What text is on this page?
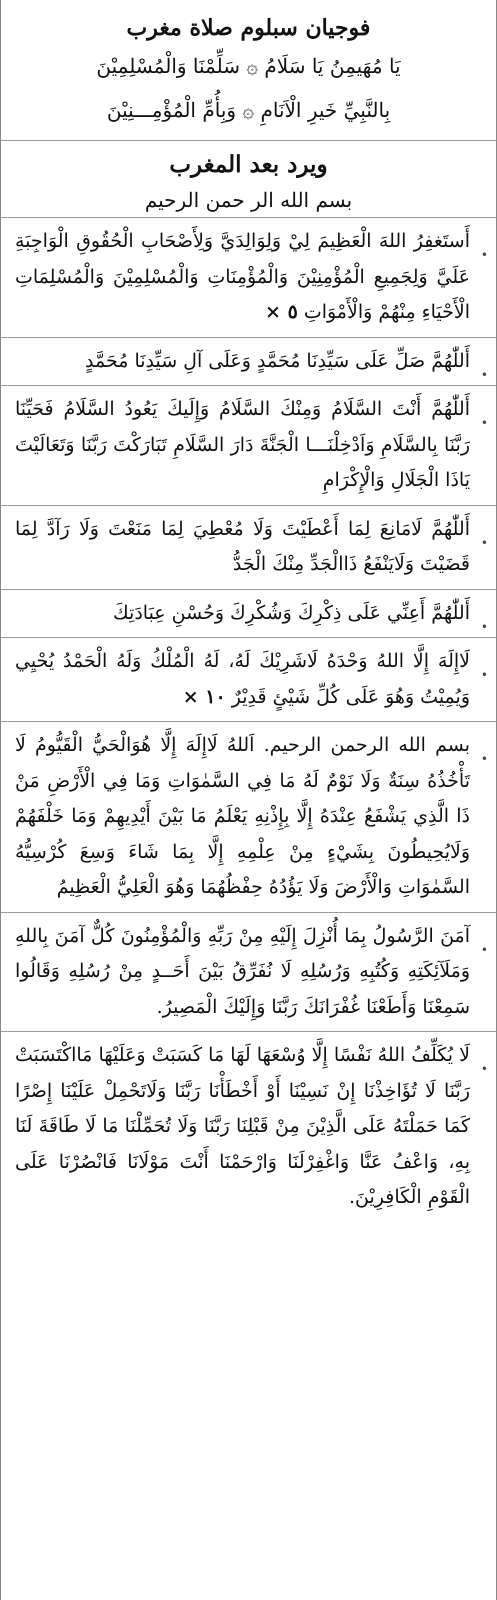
فوجيان سبلوم صلاة مغرب
يَا مُهَيمِنُ يَا سَلَامُ ۞ سَلِّمْنَا وَالْمُسْلِمِيْنَ
بِالنَّبِيِّ خَيرِ الْاَنَامِ ۞ وَبِأُمِّ الْمُؤْمِـــنِيْنَ
ويرد بعد المغرب
بسم الله الر حمن الرحيم
•
أَستَغفِرُ اللهَ الْعَظِيمَ لِيْ وَلِوَالِدَيَّ وَلِأَصْحَابِ الْحُقُوقِ الْوَاجِبَةِ عَلَيَّ وَلِجَمِيعِ الْمُؤْمِنِيْنَ وَالْمُؤْمِنَاتِ وَالْمُسْلِمِيْنَ وَالْمُسْلِمَاتِ الْأَحْيَاءِ مِنْهُمْ وَالْأَمْوَاتِ ٥ ×
•
أَللّٰهُمَّ صَلِّ عَلَى سَيِّدِنَا مُحَمَّدٍ وَعَلَى آلِ سَيِّدِنَا مُحَمَّدٍ
•
أَللّٰهُمَّ أَنْتَ السَّلَامُ وَمِنْكَ السَّلَامُ وَإِلَيكَ يَعُودُ السَّلَامُ فَحَيِّنَا رَبَّنَا بِالسَّلَامِ وَاَدْخِلْنَـــا الْجَنَّةَ دَارَ السَّلَامِ تَبَارَكْتَ رَبَّنَا وَتَعَالَيْتَ يَاذَا الْجَلَالِ وَالْإِكْرَامِ
•
أَللّٰهُمَّ لَامَانِعَ لِمَا أَعْطَيْتَ وَلَا مُعْطِيَ لِمَا مَنَعْتَ وَلَا رَآدَّ لِمَا قَضَيْتَ وَلَايَنْفَعُ ذَاالْجَدِّ مِنْكَ الْجَدُّ
•
أَللّٰهُمَّ أَعِنِّي عَلَى ذِكْرِكَ وَشُكْرِكَ وَحُسْنِ عِبَادَتِكَ
•
لَاإِلَهَ إِلَّا اللهُ وَحْدَهُ لَاشَرِيْكَ لَهُ، لَهُ الْمُلْكُ وَلَهُ الْحَمْدُ يُحْيِي وَيُمِيْتُ وَهُوَ عَلَى كُلِّ شَيْئٍ قَدِيْرٌ ١٠ ×
•
بسم الله الرحمن الرحيم. اَللهُ لَاإِلَهَ إِلَّا هُوَالْحَيُّ الْقَيُّومُ لَا تَأْخُذُهُ سِنَةٌ وَلَا نَوْمٌ لَهُ مَا فِي السَّمٰوَاتِ وَمَا فِي الْأَرْضِ مَنْ ذَا الَّذِي يَشْفَعُ عِنْدَهُ إِلَّا بِإِذْنِهِ يَعْلَمُ مَا بَيْنَ أَيْدِيهِمْ وَمَا خَلْفَهُمْ وَلَايُحِيطُونَ بِشَيْءٍ مِنْ عِلْمِهِ إِلَّا بِمَا شَاءَ وَسِعَ كُرْسِيُّهُ السَّمٰوَاتِ وَالْأَرْضَ وَلَا يَؤُدُهُ حِفْظُهُمَا وَهُوَ الْعَلِيُّ الْعَظِيمُ
•
آمَنَ الرَّسُولُ بِمَا أُنْزِلَ إِلَيْهِ مِنْ رَبِّهِ وَالْمُؤْمِنُونَ كُلٌّ آمَنَ بِاللهِ وَمَلَآئِكَتِهِ وَكُتُبِهِ وَرُسُلِهِ لَا نُفَرِّقُ بَيْنَ أَحَــدٍ مِنْ رُسُلِهِ وَقَالُوا سَمِعْنَا وَأَطَعْنَا غُفْرَانَكَ رَبَّنَا وَإِلَيْكَ الْمَصِيرُ.
•
لَا يُكَلِّفُ اللهُ نَفْسًا إِلَّا وُسْعَهَا لَهَا مَا كَسَبَتْ وَعَلَيْهَا مَااكْتَسَبَتْ رَبَّنَا لَا تُؤَاخِذْنَا إِنْ نَسِيْنَا أَوْ أَخْطَأْنَا رَبَّنَا وَلَاتَحْمِلْ عَلَيْنَا إِصْرًا كَمَا حَمَلْتَهُ عَلَى الَّذِيْنَ مِنْ قَبْلِنَا رَبَّنَا وَلَا تُحَمِّلْنَا مَا لَا طَاقَةَ لَنَا بِهِ، وَاعْفُ عَنَّا وَاغْفِرْلَنَا وَارْحَمْنَا أَنْتَ مَوْلَانَا فَانْصُرْنَا عَلَى الْقَوْمِ الْكَافِرِيْنَ.
